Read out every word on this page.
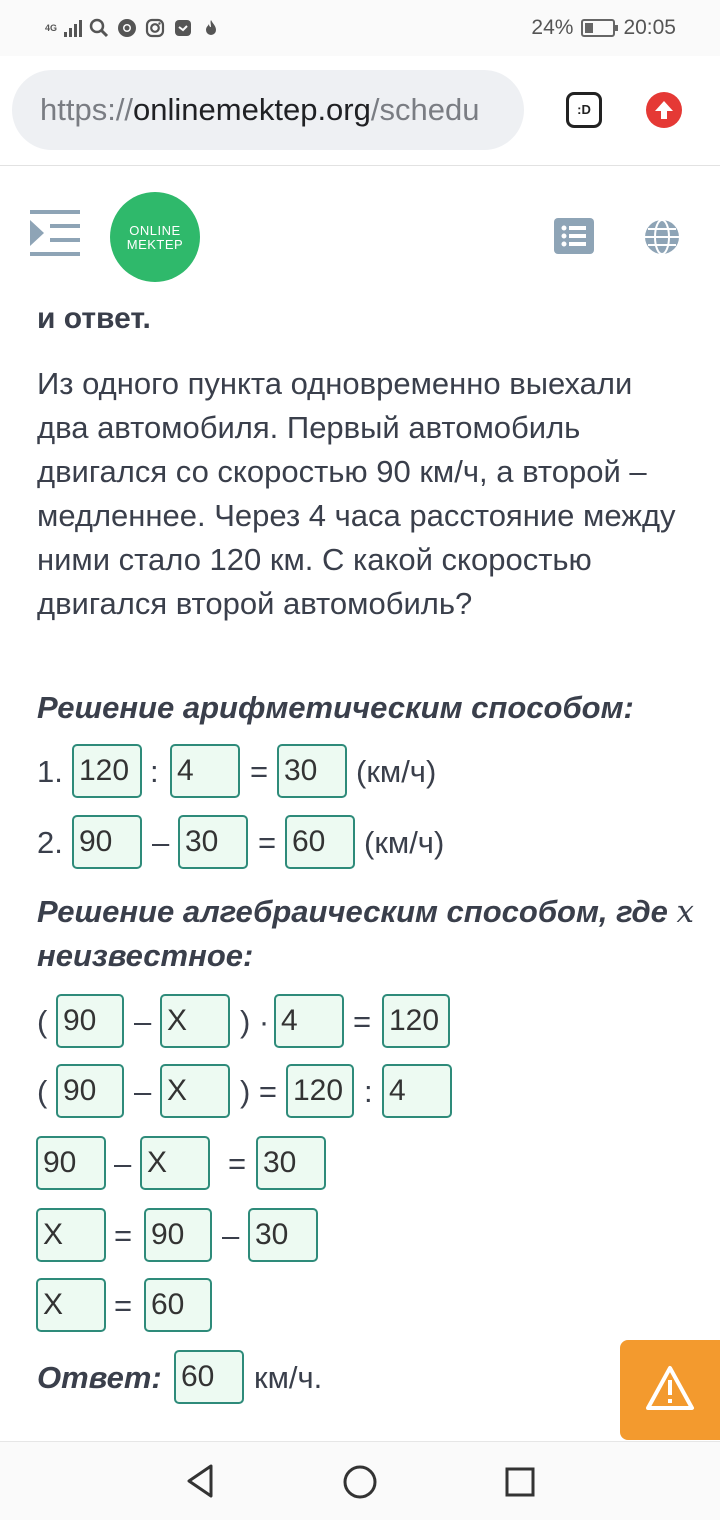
4G	24% 20:05
https://onlinemektep.org/schedu	:D
ONLINE
MEKTEP
и ответ.
Из одного пункта одновременно выехали два автомобиля. Первый автомобиль двигался со скоростью 90 км/ч, а второй – медленнее. Через 4 часа расстояние между ними стало 120 км. С какой скоростью двигался второй автомобиль?
Решение арифметическим способом:
1. 120 : 4	= 30	(км/ч)
2. 90	– 30	= 60	(км/ч)
Решение алгебраическим способом, где x неизвестное:
( 90	– X	) · 4	= 120
( 90	– X	) = 120 : 4
90	– X	= 30
X	= 90	– 30
X	= 60
Ответ: 60	км/ч.
